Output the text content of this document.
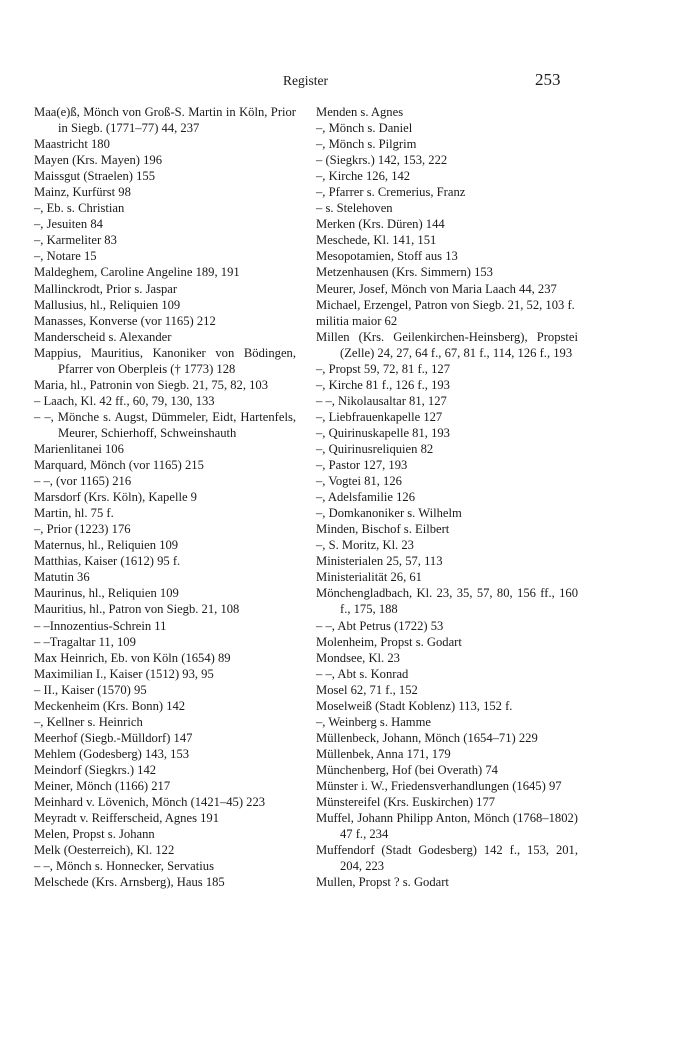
Register	253
Maa(e)ß, Mönch von Groß-S. Martin in Köln, Prior in Siegb. (1771–77) 44, 237
Maastricht 180
Mayen (Krs. Mayen) 196
Maissgut (Straelen) 155
Mainz, Kurfürst 98
–, Eb. s. Christian
–, Jesuiten 84
–, Karmeliter 83
–, Notare 15
Maldeghem, Caroline Angeline 189, 191
Mallinckrodt, Prior s. Jaspar
Mallusius, hl., Reliquien 109
Manasses, Konverse (vor 1165) 212
Manderscheid s. Alexander
Mappius, Mauritius, Kanoniker von Bödingen, Pfarrer von Oberpleis († 1773) 128
Maria, hl., Patronin von Siegb. 21, 75, 82, 103
– Laach, Kl. 42 ff., 60, 79, 130, 133
– –, Mönche s. Augst, Dümmeler, Eidt, Hartenfels, Meurer, Schierhoff, Schweinshauth
Marienlitanei 106
Marquard, Mönch (vor 1165) 215
– –, (vor 1165) 216
Marsdorf (Krs. Köln), Kapelle 9
Martin, hl. 75 f.
–, Prior (1223) 176
Maternus, hl., Reliquien 109
Matthias, Kaiser (1612) 95 f.
Matutin 36
Maurinus, hl., Reliquien 109
Mauritius, hl., Patron von Siegb. 21, 108
– –Innozentius-Schrein 11
– –Tragaltar 11, 109
Max Heinrich, Eb. von Köln (1654) 89
Maximilian I., Kaiser (1512) 93, 95
– II., Kaiser (1570) 95
Meckenheim (Krs. Bonn) 142
–, Kellner s. Heinrich
Meerhof (Siegb.-Mülldorf) 147
Mehlem (Godesberg) 143, 153
Meindorf (Siegkrs.) 142
Meiner, Mönch (1166) 217
Meinhard v. Lövenich, Mönch (1421–45) 223
Meyradt v. Reifferscheid, Agnes 191
Melen, Propst s. Johann
Melk (Oesterreich), Kl. 122
– –, Mönch s. Honnecker, Servatius
Melschede (Krs. Arnsberg), Haus 185
Menden s. Agnes
–, Mönch s. Daniel
–, Mönch s. Pilgrim
– (Siegkrs.) 142, 153, 222
–, Kirche 126, 142
–, Pfarrer s. Cremerius, Franz
– s. Stelehoven
Merken (Krs. Düren) 144
Meschede, Kl. 141, 151
Mesopotamien, Stoff aus 13
Metzenhausen (Krs. Simmern) 153
Meurer, Josef, Mönch von Maria Laach 44, 237
Michael, Erzengel, Patron von Siegb. 21, 52, 103 f.
militia maior 62
Millen (Krs. Geilenkirchen-Heinsberg), Propstei (Zelle) 24, 27, 64 f., 67, 81 f., 114, 126 f., 193
–, Propst 59, 72, 81 f., 127
–, Kirche 81 f., 126 f., 193
– –, Nikolausaltar 81, 127
–, Liebfrauenkapelle 127
–, Quirinuskapelle 81, 193
–, Quirinusreliquien 82
–, Pastor 127, 193
–, Vogtei 81, 126
–, Adelsfamilie 126
–, Domkanoniker s. Wilhelm
Minden, Bischof s. Eilbert
–, S. Moritz, Kl. 23
Ministerialen 25, 57, 113
Ministerialität 26, 61
Mönchengladbach, Kl. 23, 35, 57, 80, 156 ff., 160 f., 175, 188
– –, Abt Petrus (1722) 53
Molenheim, Propst s. Godart
Mondsee, Kl. 23
– –, Abt s. Konrad
Mosel 62, 71 f., 152
Moselweiß (Stadt Koblenz) 113, 152 f.
–, Weinberg s. Hamme
Müllenbeck, Johann, Mönch (1654–71) 229
Müllenbek, Anna 171, 179
Münchenberg, Hof (bei Overath) 74
Münster i. W., Friedensverhandlungen (1645) 97
Münstereifel (Krs. Euskirchen) 177
Muffel, Johann Philipp Anton, Mönch (1768–1802) 47 f., 234
Muffendorf (Stadt Godesberg) 142 f., 153, 201, 204, 223
Mullen, Propst ? s. Godart
